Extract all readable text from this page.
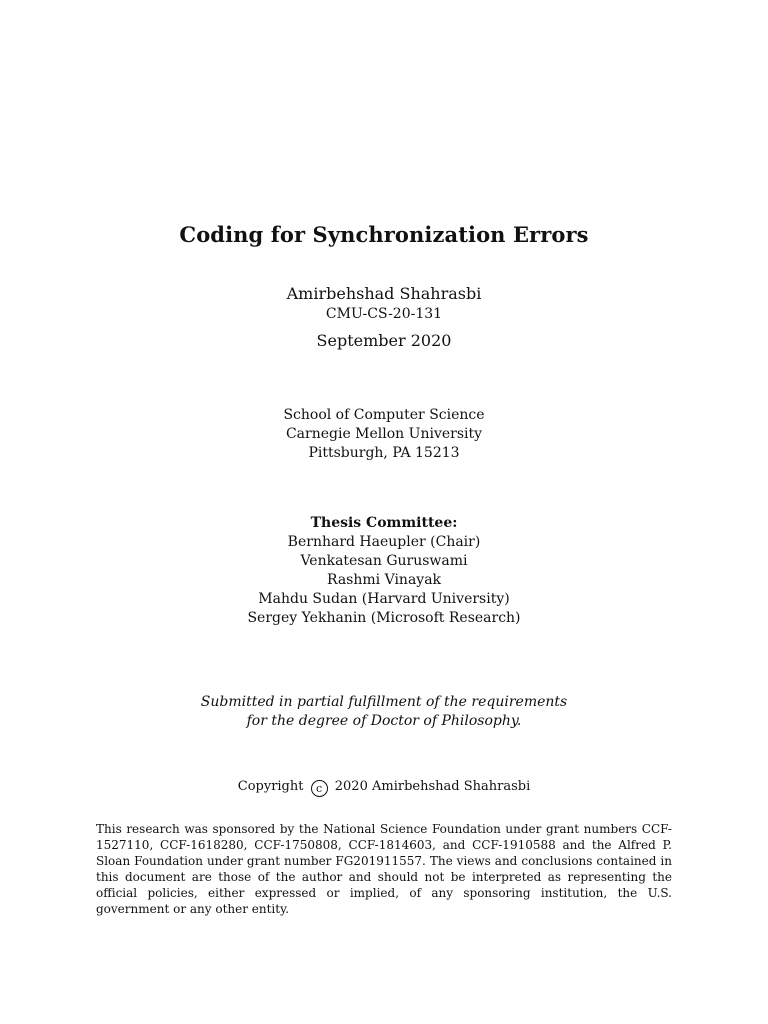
Coding for Synchronization Errors
Amirbehshad Shahrasbi
CMU-CS-20-131
September 2020
School of Computer Science
Carnegie Mellon University
Pittsburgh, PA 15213
Thesis Committee:
Bernhard Haeupler (Chair)
Venkatesan Guruswami
Rashmi Vinayak
Mahdu Sudan (Harvard University)
Sergey Yekhanin (Microsoft Research)
Submitted in partial fulfillment of the requirements
for the degree of Doctor of Philosophy.
Copyright c 2020 Amirbehshad Shahrasbi
This research was sponsored by the National Science Foundation under grant numbers CCF-1527110, CCF-1618280, CCF-1750808, CCF-1814603, and CCF-1910588 and the Alfred P. Sloan Foundation under grant number FG201911557. The views and conclusions contained in this document are those of the author and should not be interpreted as representing the official policies, either expressed or implied, of any sponsoring institution, the U.S. government or any other entity.
